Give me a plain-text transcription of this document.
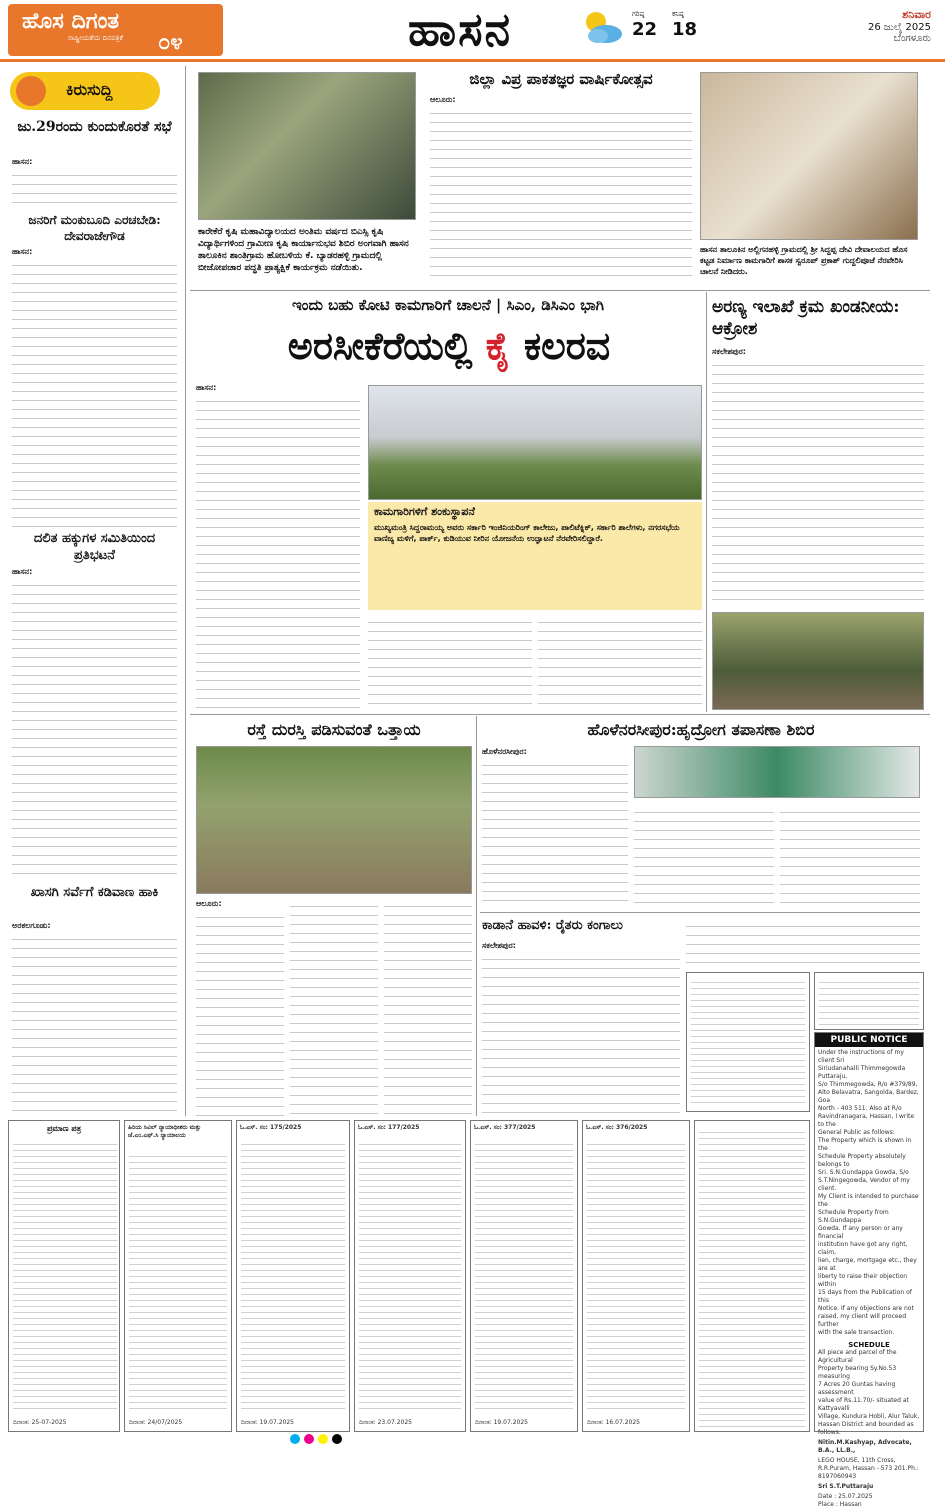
ಹೊಸ ದಿಗಂತ
ರಾಷ್ಟ್ರೀಯತೆಯ ದಿನಪತ್ರಿಕೆ ೦೪	ಹಾಸನ	ಗರಿಷ್ಠ
22
ಕನಿಷ್ಠ
18
ಶನಿವಾರ
26 ಜುಲೈ 2025
ಬೆಂಗಳೂರು
ಕಿರುಸುದ್ದಿ
ಜು.29ರಂದು ಕುಂದುಕೊರತೆ ಸಭೆ
ಹಾಸನ:
ಜನರಿಗೆ ಮಂಕುಬೂದಿ ಎರಚಬೇಡಿ: ದೇವರಾಜೇಗೌಡ
ಹಾಸನ:
ದಲಿತ ಹಕ್ಕುಗಳ ಸಮಿತಿಯಿಂದ ಪ್ರತಿಭಟನೆ
ಹಾಸನ:
ಖಾಸಗಿ ಸರ್ವೆಗೆ ಕಡಿವಾಣ ಹಾಕಿ
ಅರಕಲಗೂಡು:
ಕಾರೇಕೆರೆ ಕೃಷಿ ಮಹಾವಿದ್ಯಾಲಯದ ಅಂತಿಮ ವರ್ಷದ ಬಿಎಸ್ಸಿ ಕೃಷಿ ವಿದ್ಯಾರ್ಥಿಗಳಿಂದ ಗ್ರಾಮೀಣ ಕೃಷಿ ಕಾರ್ಯಾನುಭವ ಶಿಬಿರ ಅಂಗವಾಗಿ ಹಾಸನ ತಾಲೂಕಿನ ಶಾಂತಿಗ್ರಾಮ ಹೋಬಳಿಯ ಕೆ. ಬ್ಯಾಡರಹಳ್ಳಿ ಗ್ರಾಮದಲ್ಲಿ ಬೀಜೋಪಚಾರ ಪದ್ಧತಿ ಪ್ರಾತ್ಯಕ್ಷಿಕೆ ಕಾರ್ಯಕ್ರಮ ನಡೆಯಿತು.
ಜಿಲ್ಲಾ ವಿಪ್ರ ಪಾಕತಜ್ಞರ ವಾರ್ಷಿಕೋತ್ಸವ
ಆಲೂರು:
ಹಾಸನ ತಾಲೂಕಿನ ಅಲ್ಲಿಗನಹಳ್ಳಿ ಗ್ರಾಮದಲ್ಲಿ ಶ್ರೀ ಸಿದ್ದಪ್ಪ ದೇವಿ ದೇವಾಲಯದ ಹೊಸ ಕಟ್ಟಡ ನಿರ್ಮಾಣ ಕಾಮಗಾರಿಗೆ ಶಾಸಕ ಸ್ವರೂಪ್ ಪ್ರಕಾಶ್ ಗುದ್ದಲಿಪೂಜೆ ನೆರವೇರಿಸಿ ಚಾಲನೆ ನೀಡಿದರು.
ಇಂದು ಬಹು ಕೋಟಿ ಕಾಮಗಾರಿಗೆ ಚಾಲನೆ | ಸಿಎಂ, ಡಿಸಿಎಂ ಭಾಗಿ
ಅರಸೀಕೆರೆಯಲ್ಲಿ ಕೈ ಕಲರವ
ಹಾಸನ:
ಕಾಮಗಾರಿಗಳಿಗೆ ಶಂಕುಸ್ಥಾಪನೆ
ಮುಖ್ಯಮಂತ್ರಿ ಸಿದ್ದರಾಮಯ್ಯ ಅವರು ಸರ್ಕಾರಿ ಇಂಜಿನಿಯರಿಂಗ್ ಕಾಲೇಜು, ಪಾಲಿಟೆಕ್ನಿಕ್, ಸರ್ಕಾರಿ ಶಾಲೆಗಳು, ನಗರಸಭೆಯ ವಾಣಿಜ್ಯ ಮಳಿಗೆ, ಪಾರ್ಕ್, ಕುಡಿಯುವ ನೀರಿನ ಯೋಜನೆಯ ಉದ್ಘಾಟನೆ ನೆರವೇರಿಸಲಿದ್ದಾರೆ.
ಅರಣ್ಯ ಇಲಾಖೆ ಕ್ರಮ ಖಂಡನೀಯ: ಆಕ್ರೋಶ
ಸಕಲೇಶಪುರ:
ರಸ್ತೆ ದುರಸ್ತಿ ಪಡಿಸುವಂತೆ ಒತ್ತಾಯ
ಆಲೂರು:
ಹೊಳೆನರಸೀಪುರ:ಹೃದ್ರೋಗ ತಪಾಸಣಾ ಶಿಬಿರ
ಹೊಳೆನರಸೀಪುರ:
ಕಾಡಾನೆ ಹಾವಳಿ: ರೈತರು ಕಂಗಾಲು
ಸಕಲೇಶಪುರ:
PUBLIC NOTICE
Under the instructions of my client Sri
Siriudanahalli Thimmegowda Puttaraju,
S/o Thimmegowda, R/o #379/89,
Alto Belavatra, Sangolda, Bardez, Goa
North - 403 511. Also at R/o
Ravindranagara, Hassan, I write to the
General Public as follows:
The Property which is shown in the
Schedule Property absolutely belongs to
Sri. S.N.Gundappa Gowda, S/o
S.T.Ningegowda, Vendor of my client.
My Client is intended to purchase the
Schedule Property from S.N.Gundappa
Gowda. If any person or any financial
institution have got any right, claim,
lien, charge, mortgage etc., they are at
liberty to raise their objection within
15 days from the Publication of this
Notice. If any objections are not
raised, my client will proceed further
with the sale transaction.
SCHEDULE
All piece and parcel of the Agricultural
Property bearing Sy.No.53 measuring
7 Acres 20 Guntas having assessment
value of Rs.11.70/- situated at Kattyavalli
Village, Kundura Hobli, Alur Taluk,
Hassan District and bounded as follows.
Nitin.M.Kashyap, Advocate, B.A., LL.B.,
LEGO HOUSE, 11th Cross, R.R.Puram, Hassan - 573 201.Ph.: 8197060943
Sri S.T.Puttaraju
Date : 25.07.2025
Place : Hassan
ಪ್ರಮಾಣ ಪತ್ರ
ದಿನಾಂಕ: 25-07-2025
ಹಿರಿಯ ಸಿವಿಲ್ ನ್ಯಾಯಾಧೀಶರು ಮತ್ತು ಜೆ.ಎಂ.ಎಫ್.ಸಿ ನ್ಯಾಯಾಲಯ
ದಿನಾಂಕ: 24/07/2025
ಓ.ಎಸ್. ಸಂ: 175/2025
ದಿನಾಂಕ: 19.07.2025
ಓ.ಎಸ್. ಸಂ: 177/2025
ದಿನಾಂಕ: 23.07.2025
ಓ.ಎಸ್. ಸಂ: 377/2025
ದಿನಾಂಕ: 19.07.2025
ಓ.ಎಸ್. ಸಂ: 376/2025
ದಿನಾಂಕ: 16.07.2025
